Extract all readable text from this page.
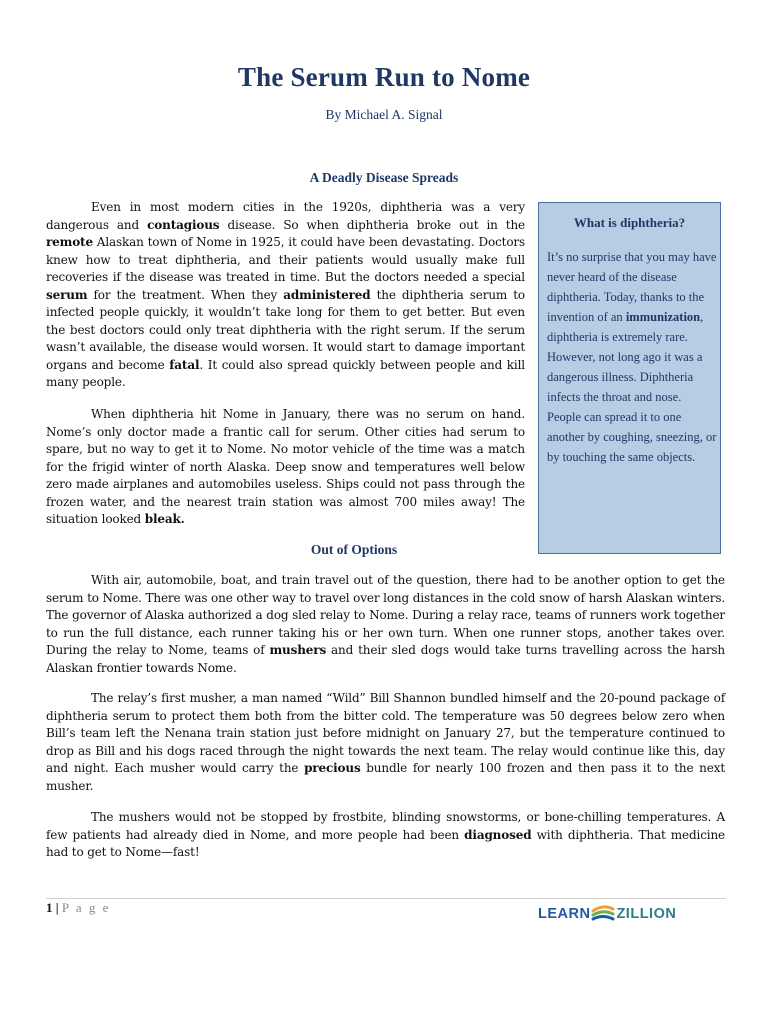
The Serum Run to Nome
By Michael A. Signal
A Deadly Disease Spreads

Even in most modern cities in the 1920s, diphtheria was a very dangerous and contagious disease. So when diphtheria broke out in the remote Alaskan town of Nome in 1925, it could have been devastating. Doctors knew how to treat diphtheria, and their patients would usually make full recoveries if the disease was treated in time. But the doctors needed a special serum for the treatment. When they administered the diphtheria serum to infected people quickly, it wouldn’t take long for them to get better. But even the best doctors could only treat diphtheria with the right serum. If the serum wasn’t available, the disease would worsen. It would start to damage important organs and become fatal. It could also spread quickly between people and kill many people.

When diphtheria hit Nome in January, there was no serum on hand. Nome’s only doctor made a frantic call for serum. Other cities had serum to spare, but no way to get it to Nome. No motor vehicle of the time was a match for the frigid winter of north Alaska. Deep snow and temperatures well below zero made airplanes and automobiles useless. Ships could not pass through the frozen water, and the nearest train station was almost 700 miles away! The situation looked bleak.

Out of Options

With air, automobile, boat, and train travel out of the question, there had to be another option to get the serum to Nome. There was one other way to travel over long distances in the cold snow of harsh Alaskan winters. The governor of Alaska authorized a dog sled relay to Nome. During a relay race, teams of runners work together to run the full distance, each runner taking his or her own turn. When one runner stops, another takes over. During the relay to Nome, teams of mushers and their sled dogs would take turns travelling across the harsh Alaskan frontier towards Nome.

The relay’s first musher, a man named “Wild” Bill Shannon bundled himself and the 20-pound package of diphtheria serum to protect them both from the bitter cold. The temperature was 50 degrees below zero when Bill’s team left the Nenana train station just before midnight on January 27, but the temperature continued to drop as Bill and his dogs raced through the night towards the next team. The relay would continue like this, day and night. Each musher would carry the precious bundle for nearly 100 frozen and then pass it to the next musher.

The mushers would not be stopped by frostbite, blinding snowstorms, or bone-chilling temperatures. A few patients had already died in Nome, and more people had been diagnosed with diphtheria. That medicine had to get to Nome—fast!

What is diphtheria?

It’s no surprise that you may have never heard of the disease diphtheria. Today, thanks to the invention of an immunization, diphtheria is extremely rare. However, not long ago it was a dangerous illness. Diphtheria infects the throat and nose. People can spread it to one another by coughing, sneezing, or by touching the same objects.

1 | P a g e	LEARN ZILLION
